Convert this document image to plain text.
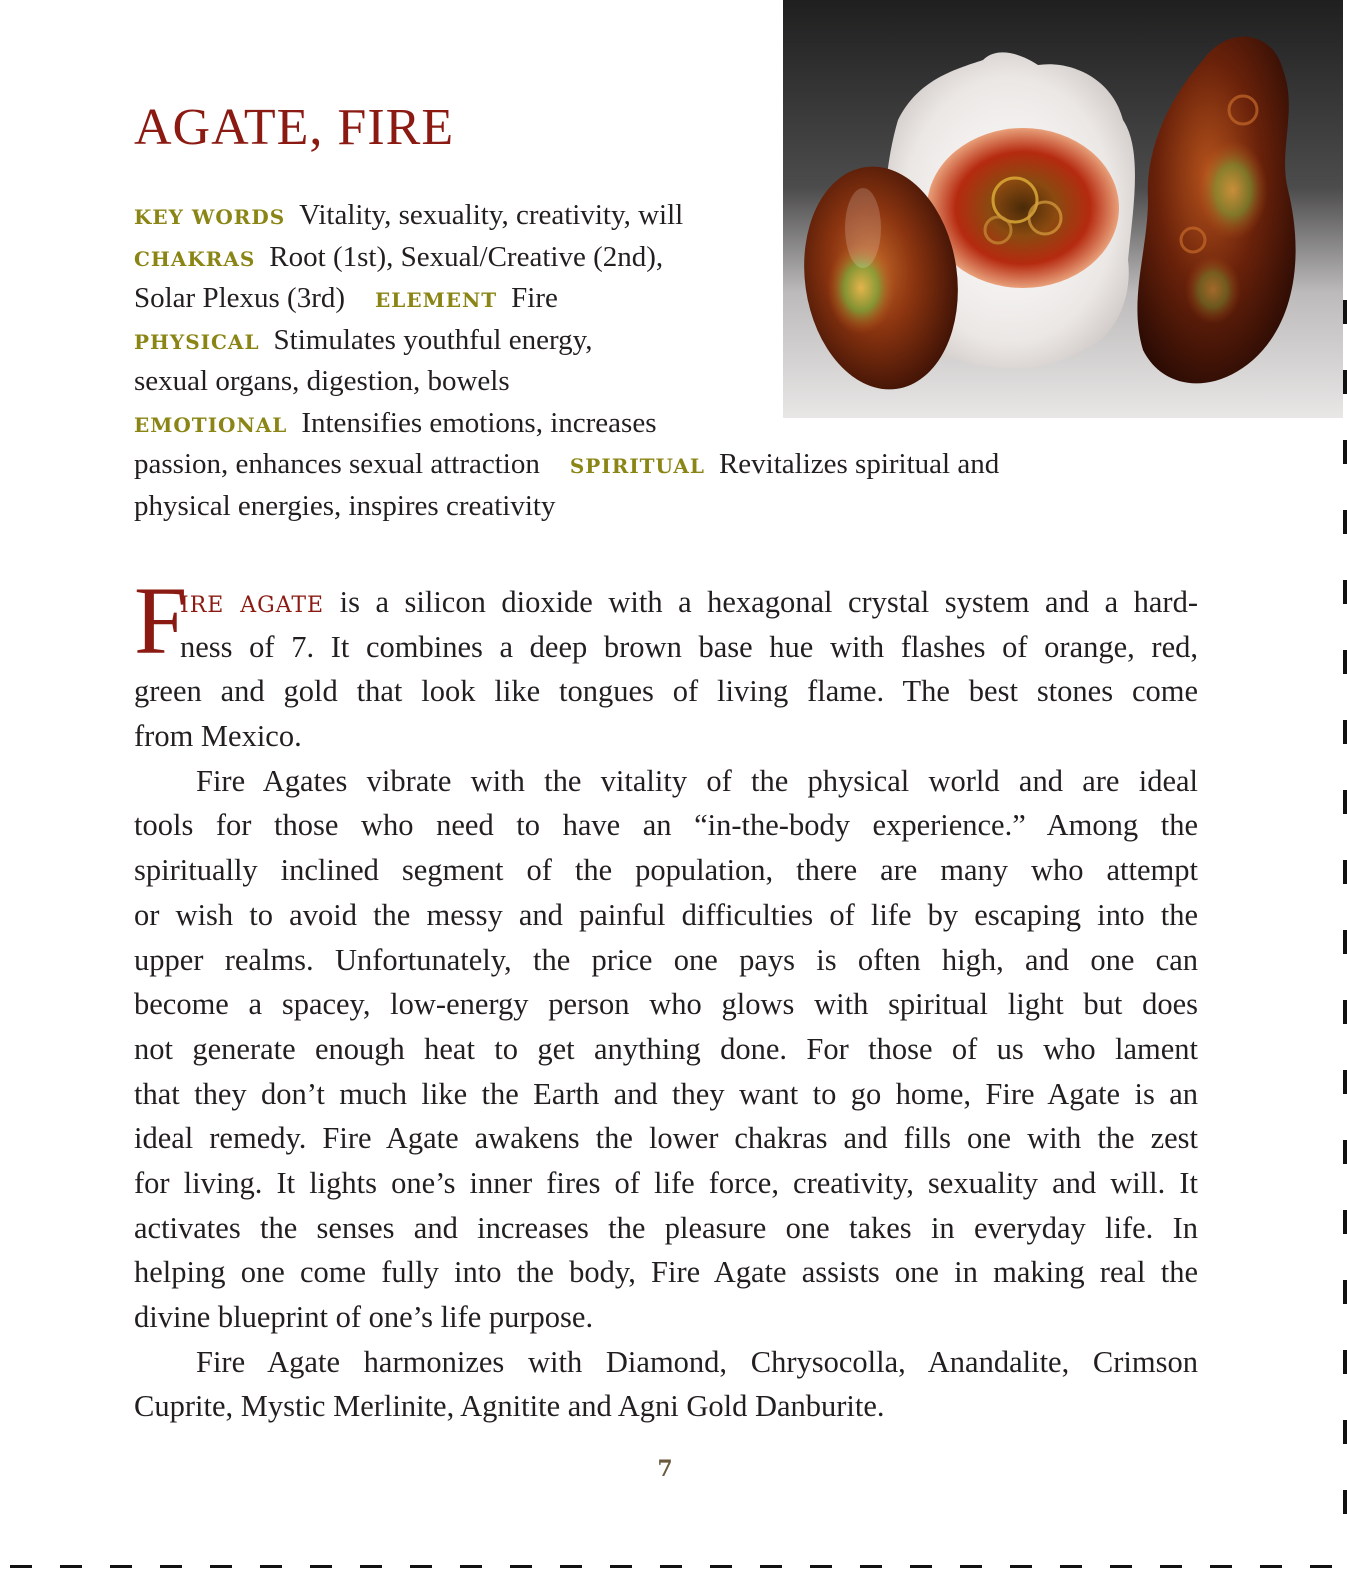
AGATE, FIRE
KEY WORDS Vitality, sexuality, creativity, will
CHAKRAS Root (1st), Sexual/Creative (2nd),
Solar Plexus (3rd) ELEMENT Fire
PHYSICAL Stimulates youthful energy,
sexual organs, digestion, bowels
EMOTIONAL Intensifies emotions, increases
passion, enhances sexual attraction SPIRITUAL Revitalizes spiritual and
physical energies, inspires creativity
F
IRE AGATE is a silicon dioxide with a hexagonal crystal system and a hard-
ness of 7. It combines a deep brown base hue with flashes of orange, red,
green and gold that look like tongues of living flame. The best stones come
from Mexico.
Fire Agates vibrate with the vitality of the physical world and are ideal
tools for those who need to have an “in-the-body experience.” Among the
spiritually inclined segment of the population, there are many who attempt
or wish to avoid the messy and painful difficulties of life by escaping into the
upper realms. Unfortunately, the price one pays is often high, and one can
become a spacey, low-energy person who glows with spiritual light but does
not generate enough heat to get anything done. For those of us who lament
that they don’t much like the Earth and they want to go home, Fire Agate is an
ideal remedy. Fire Agate awakens the lower chakras and fills one with the zest
for living. It lights one’s inner fires of life force, creativity, sexuality and will. It
activates the senses and increases the pleasure one takes in everyday life. In
helping one come fully into the body, Fire Agate assists one in making real the
divine blueprint of one’s life purpose.
Fire Agate harmonizes with Diamond, Chrysocolla, Anandalite, Crimson
Cuprite, Mystic Merlinite, Agnitite and Agni Gold Danburite.
7
